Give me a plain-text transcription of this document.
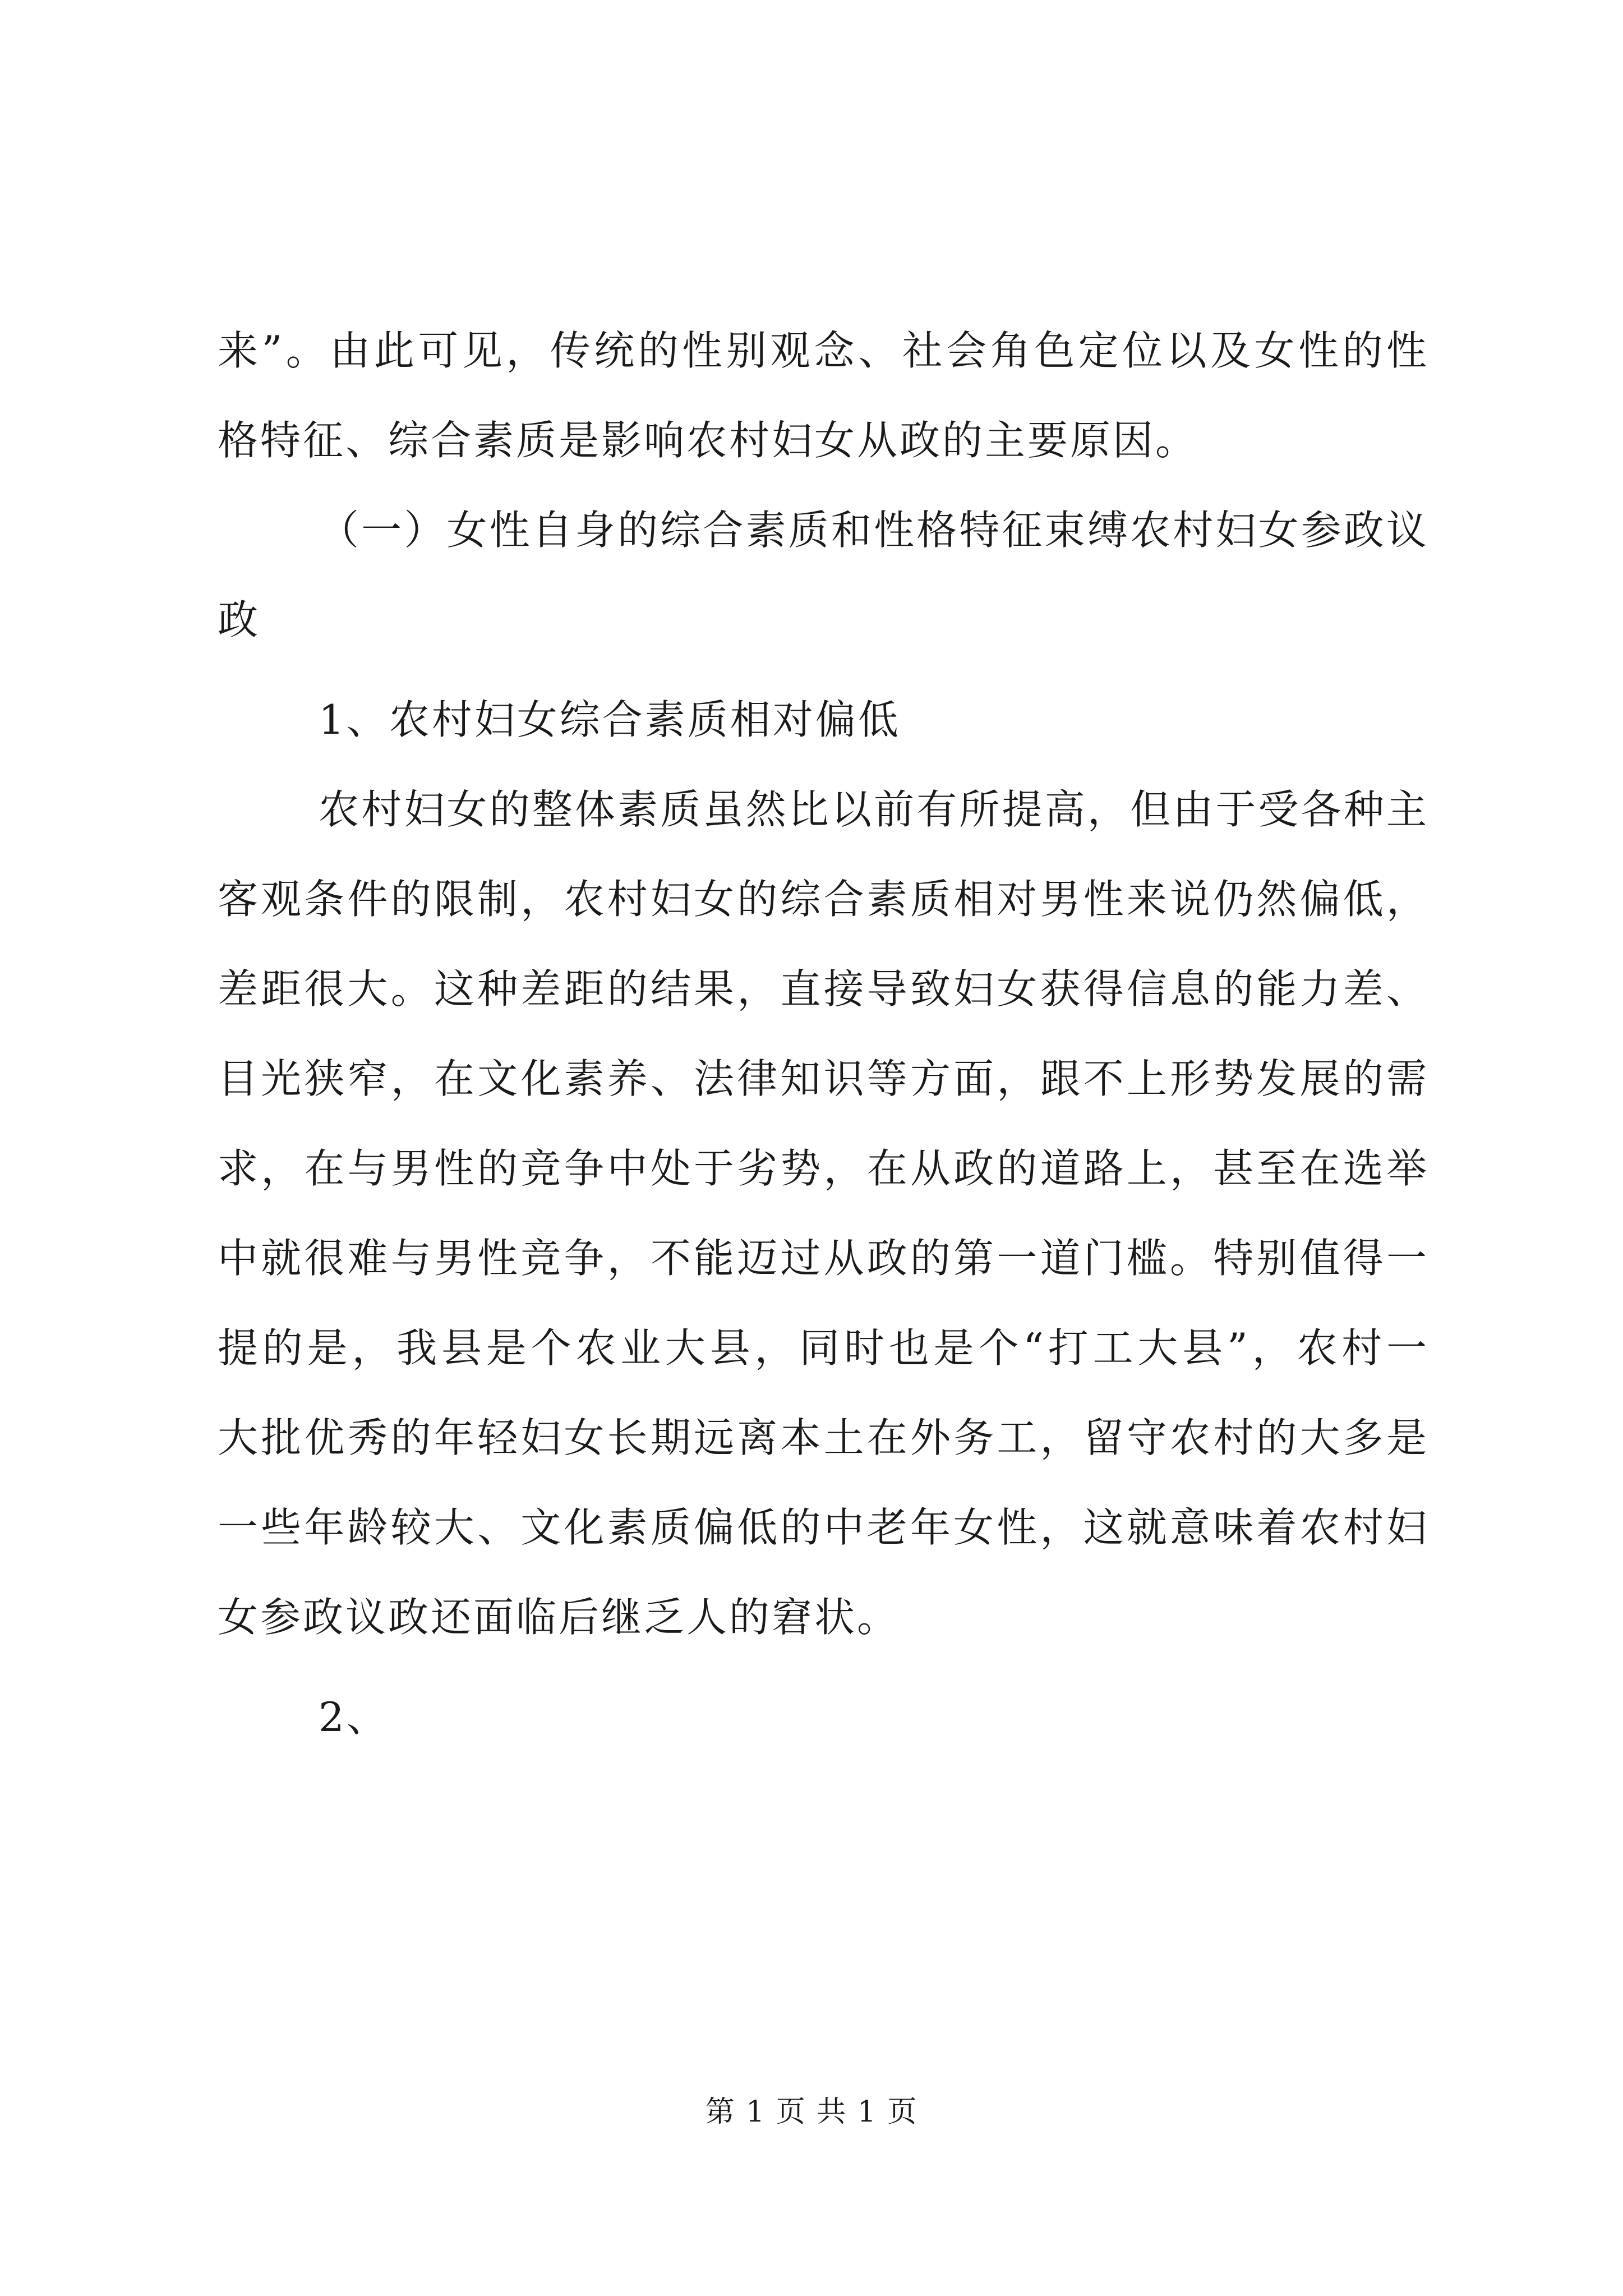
来”。由此可见，传统的性别观念、社会角色定位以及女性的性
格特征、综合素质是影响农村妇女从政的主要原因。
（一）女性自身的综合素质和性格特征束缚农村妇女参政议
政
1、农村妇女综合素质相对偏低
农村妇女的整体素质虽然比以前有所提高，但由于受各种主
客观条件的限制，农村妇女的综合素质相对男性来说仍然偏低，
差距很大。这种差距的结果，直接导致妇女获得信息的能力差、
目光狭窄，在文化素养、法律知识等方面，跟不上形势发展的需
求，在与男性的竞争中处于劣势，在从政的道路上，甚至在选举
中就很难与男性竞争，不能迈过从政的第一道门槛。特别值得一
提的是，我县是个农业大县，同时也是个“打工大县”，农村一
大批优秀的年轻妇女长期远离本土在外务工，留守农村的大多是
一些年龄较大、文化素质偏低的中老年女性，这就意味着农村妇
女参政议政还面临后继乏人的窘状。
2、
第 1 页 共 1 页
